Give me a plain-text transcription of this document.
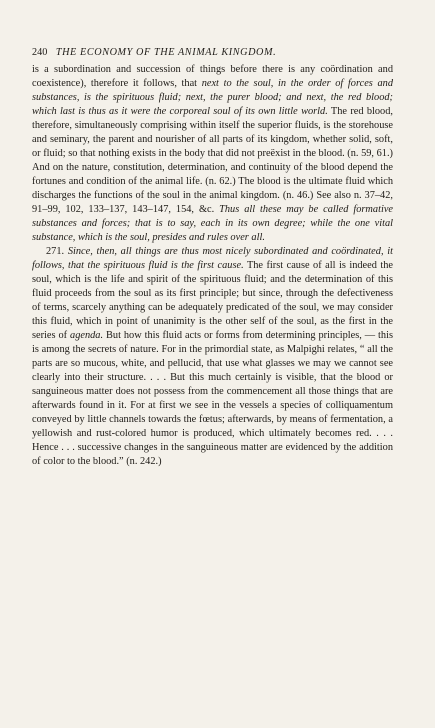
240 THE ECONOMY OF THE ANIMAL KINGDOM.

is a subordination and succession of things before there is any coördination and coexistence), therefore it follows, that next to the soul, in the order of forces and substances, is the spirituous fluid; next, the purer blood; and next, the red blood; which last is thus as it were the corporeal soul of its own little world. The red blood, therefore, simultaneously comprising within itself the superior fluids, is the storehouse and seminary, the parent and nourisher of all parts of its kingdom, whether solid, soft, or fluid; so that nothing exists in the body that did not preëxist in the blood. (n. 59, 61.) And on the nature, constitution, determination, and continuity of the blood depend the fortunes and condition of the animal life. (n. 62.) The blood is the ultimate fluid which discharges the functions of the soul in the animal kingdom. (n. 46.) See also n. 37–42, 91–99, 102, 133–137, 143–147, 154, &c. Thus all these may be called formative substances and forces; that is to say, each in its own degree; while the one vital substance, which is the soul, presides and rules over all.

271. Since, then, all things are thus most nicely subordinated and coördinated, it follows, that the spirituous fluid is the first cause. The first cause of all is indeed the soul, which is the life and spirit of the spirituous fluid; and the determination of this fluid proceeds from the soul as its first principle; but since, through the defectiveness of terms, scarcely anything can be adequately predicated of the soul, we may consider this fluid, which in point of unanimity is the other self of the soul, as the first in the series of agenda. But how this fluid acts or forms from determining principles, — this is among the secrets of nature. For in the primordial state, as Malpighi relates, “ all the parts are so mucous, white, and pellucid, that use what glasses we may we cannot see clearly into their structure. . . . But this much certainly is visible, that the blood or sanguineous matter does not possess from the commencement all those things that are afterwards found in it. For at first we see in the vessels a species of colliquamentum conveyed by little channels towards the fœtus; afterwards, by means of fermentation, a yellowish and rust-colored humor is produced, which ultimately becomes red. . . . Hence . . . successive changes in the sanguineous matter are evidenced by the addition of color to the blood.” (n. 242.)
